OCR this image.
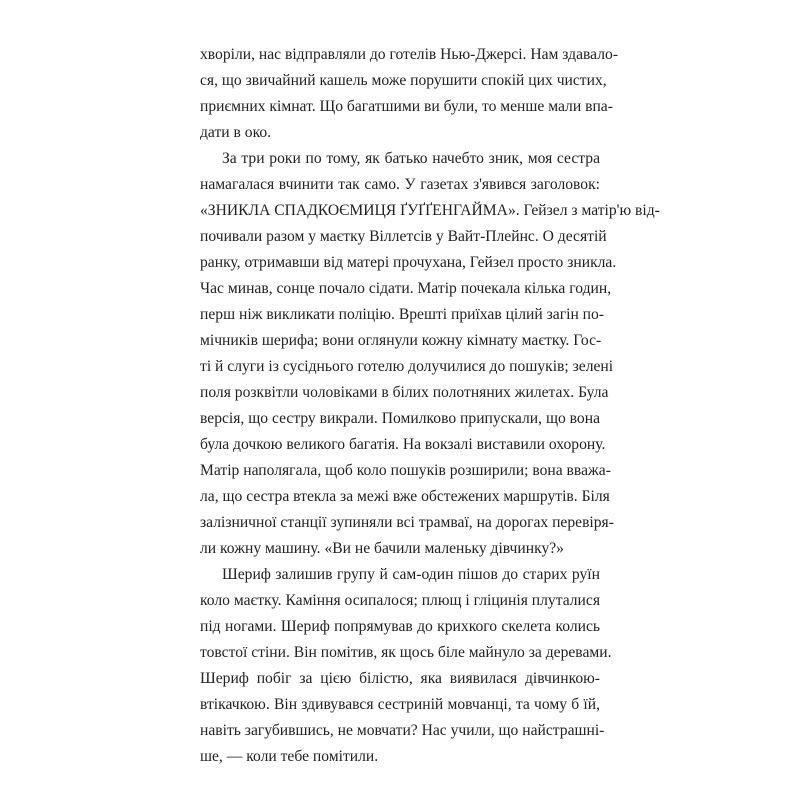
хворіли, нас відправляли до готелів Нью-Джерсі. Нам здавало-
ся, що звичайний кашель може порушити спокій цих чистих,
приємних кімнат. Що багатшими ви були, то менше мали впа-
дати в око.
За три роки по тому, як батько начебто зник, моя сестра
намагалася вчинити так само. У газетах з'явився заголовок:
«ЗНИКЛА СПАДКОЄМИЦЯ ҐУҐҐЕНГАЙМА». Гейзел з матір'ю від-
почивали разом у маєтку Віллетсів у Вайт-Плейнс. О десятій
ранку, отримавши від матері прочухана, Гейзел просто зникла.
Час минав, сонце почало сідати. Матір почекала кілька годин,
перш ніж викликати поліцію. Врешті приїхав цілий загін по-
мічників шерифа; вони оглянули кожну кімнату маєтку. Гос-
ті й слуги із сусіднього готелю долучилися до пошуків; зелені
поля розквітли чоловіками в білих полотняних жилетах. Була
версія, що сестру викрали. Помилково припускали, що вона
була дочкою великого багатія. На вокзалі виставили охорону.
Матір наполягала, щоб коло пошуків розширили; вона вважа-
ла, що сестра втекла за межі вже обстежених маршрутів. Біля
залізничної станції зупиняли всі трамваї, на дорогах перевіря-
ли кожну машину. «Ви не бачили маленьку дівчинку?»
Шериф залишив групу й сам-один пішов до старих руїн
коло маєтку. Каміння осипалося; плющ і гліцинія плуталися
під ногами. Шериф попрямував до крихкого скелета колись
товстої стіни. Він помітив, як щось біле майнуло за деревами.
Шериф побіг за цією білістю, яка виявилася дівчинкою-
втікачкою. Він здивувався сестриній мовчанці, та чому б їй,
навіть загубившись, не мовчати? Нас учили, що найстрашні-
ше, — коли тебе помітили.
